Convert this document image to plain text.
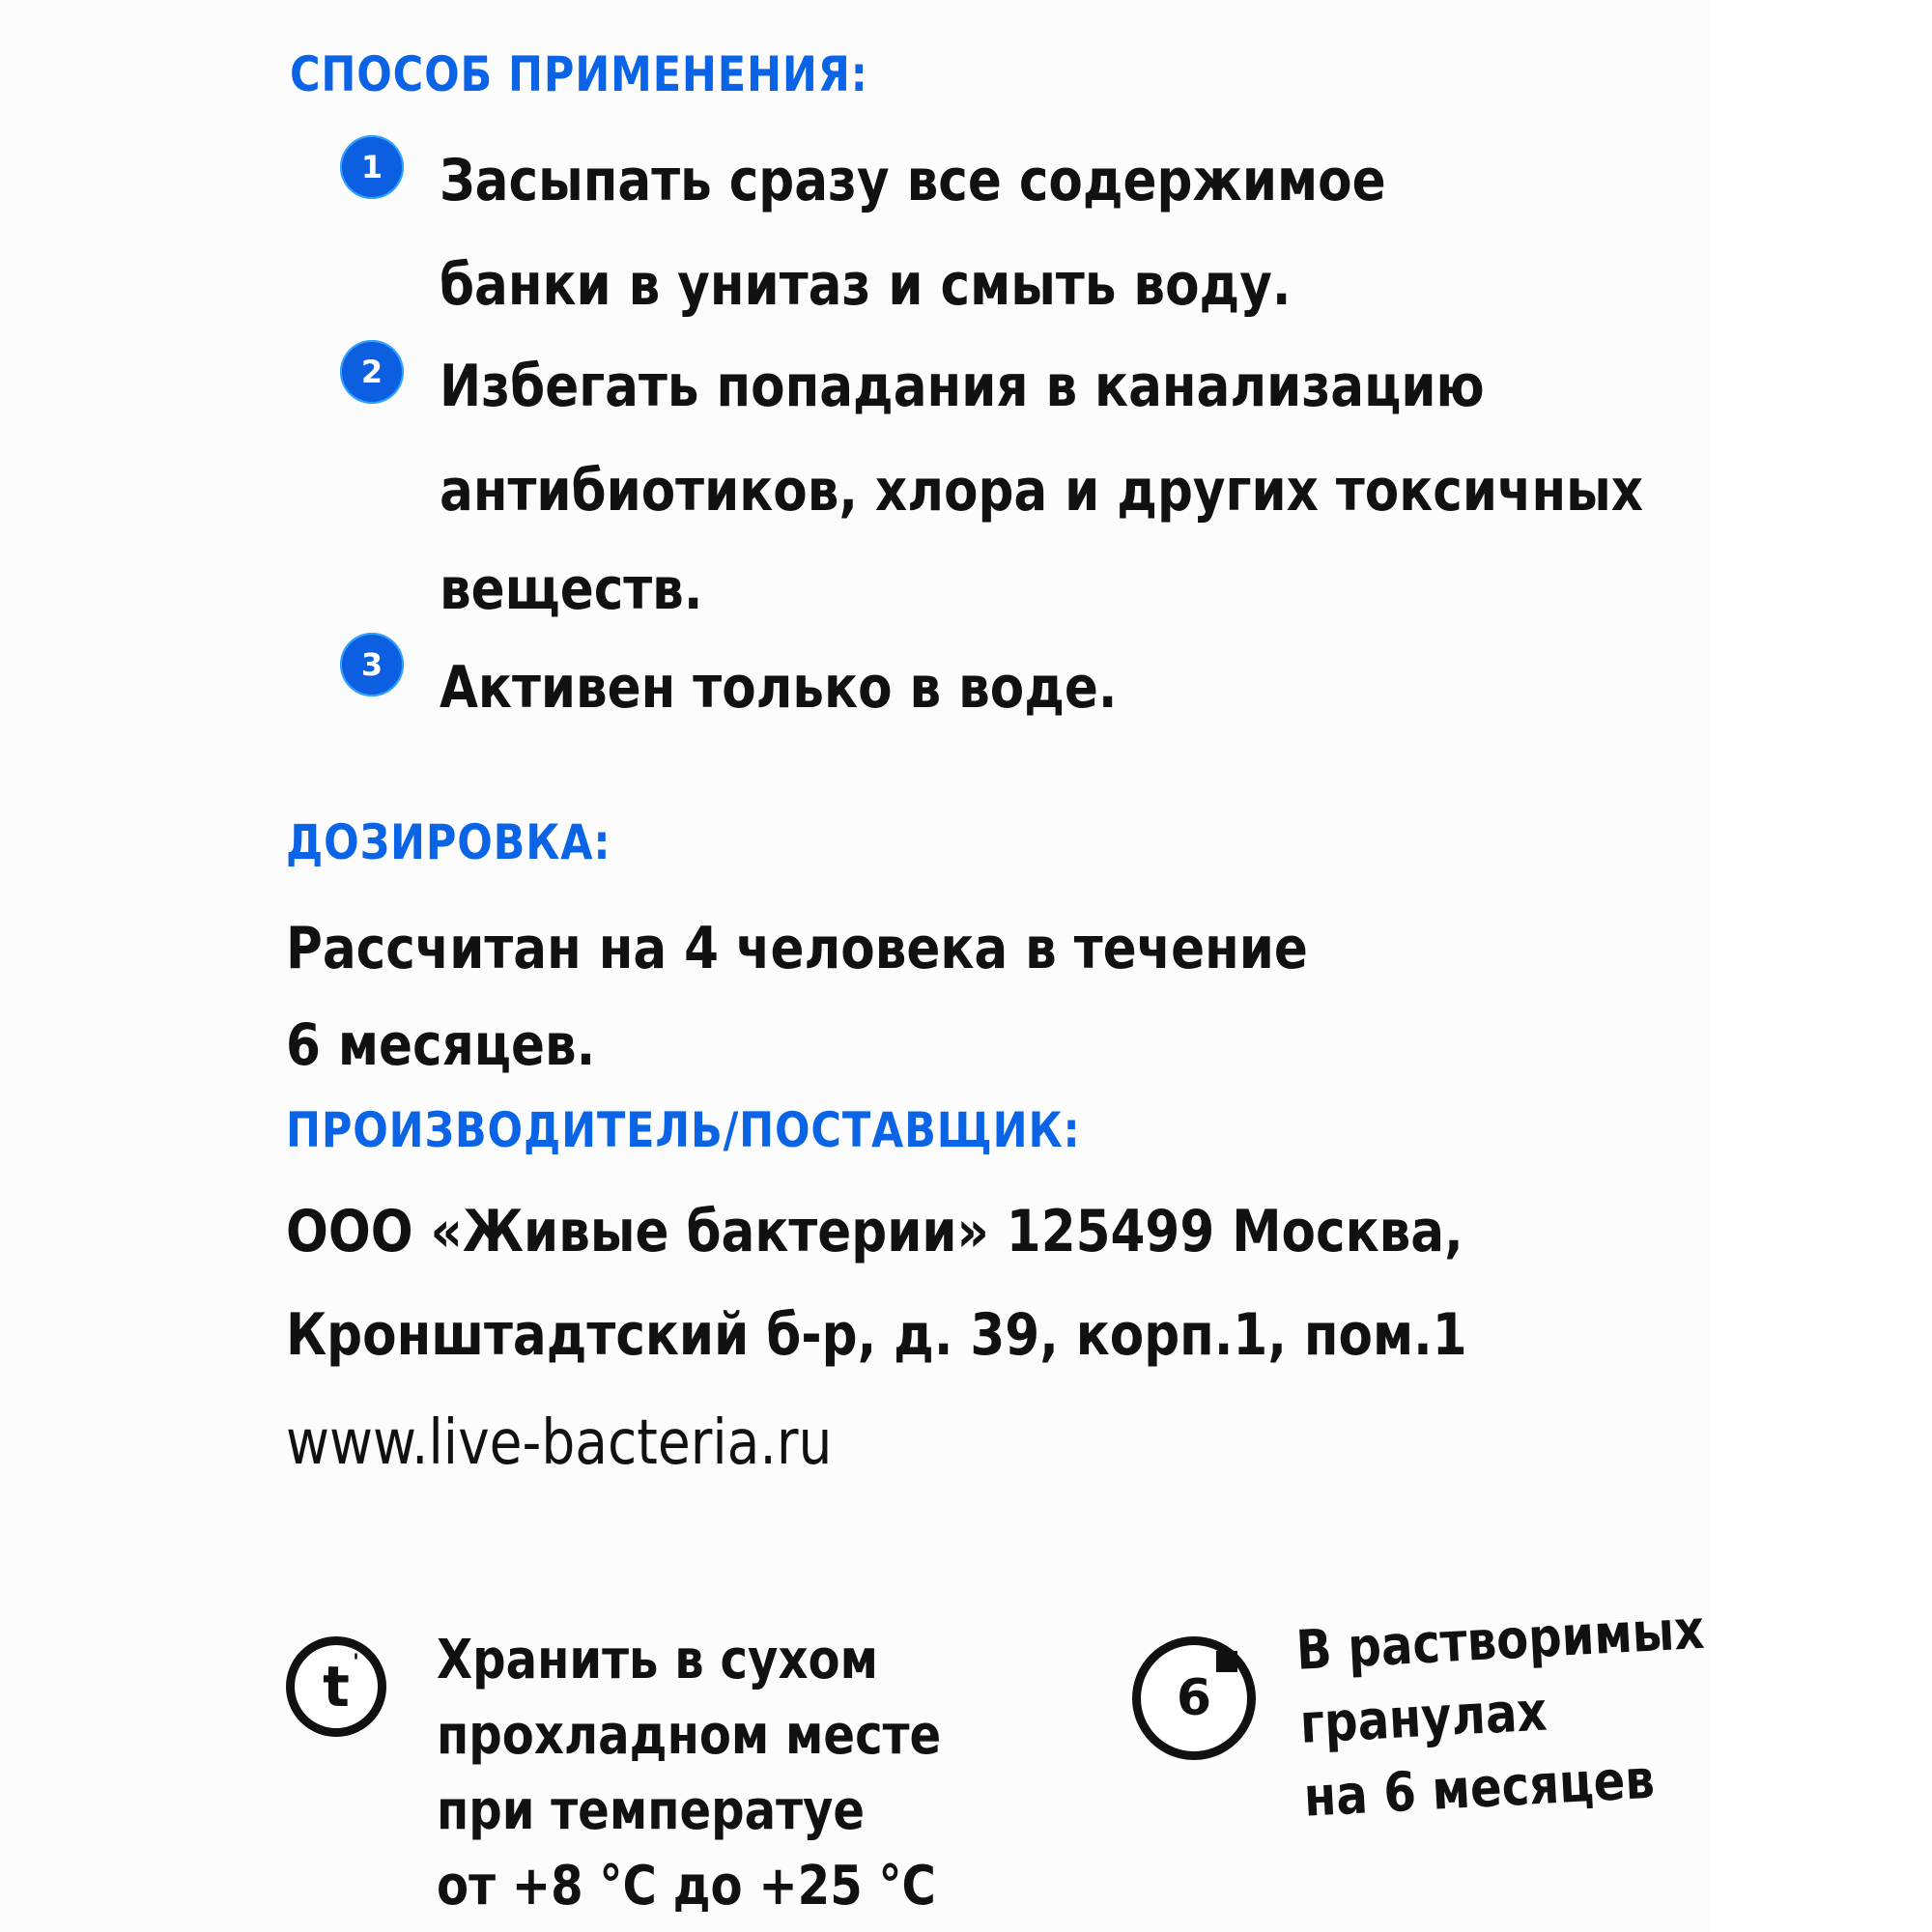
СПОСОБ ПРИМЕНЕНИЯ:
1 Засыпать сразу все содержимое
банки в унитаз и смыть воду.
2 Избегать попадания в канализацию
антибиотиков, хлора и других токсичных
веществ.
3 Активен только в воде.
ДОЗИРОВКА:
Рассчитан на 4 человека в течение
6 месяцев.
ПРОИЗВОДИТЕЛЬ/ПОСТАВЩИК:
ООО «Живые бактерии» 125499 Москва,
Кронштадтский б-р, д. 39, корп.1, пом.1
www.live-bacteria.ru
t ' Хранить в сухом
прохладном месте
при температуе
от +8 °C до +25 °C
6
В растворимых
гранулах
на 6 месяцев
